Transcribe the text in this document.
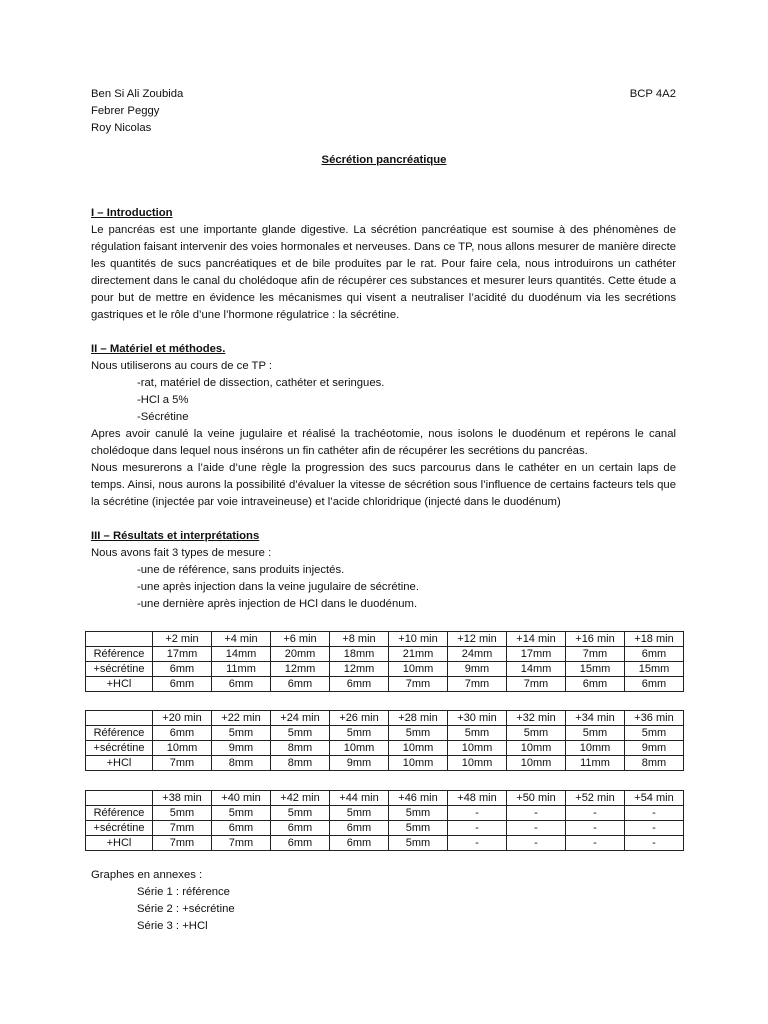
Ben Si Ali Zoubida
Febrer Peggy
Roy Nicolas
BCP 4A2
Sécrétion pancréatique
I – Introduction
Le pancréas est une importante glande digestive. La sécrétion pancréatique est soumise à des phénomènes de régulation faisant intervenir des voies hormonales et nerveuses. Dans ce TP, nous allons mesurer de manière directe les quantités de sucs pancréatiques et de bile produites par le rat. Pour faire cela, nous introduirons un cathéter directement dans le canal du cholédoque afin de récupérer ces substances et mesurer leurs quantités. Cette étude a pour but de mettre en évidence les mécanismes qui visent a neutraliser l’acidité du duodénum via les secrétions gastriques et le rôle d’une l’hormone régulatrice : la sécrétine.
II – Matériel et méthodes.
Nous utiliserons au cours de ce TP :
-rat, matériel de dissection, cathéter et seringues.
-HCl a 5%
-Sécrétine
Apres avoir canulé la veine jugulaire et réalisé la trachéotomie, nous isolons le duodénum et repérons le canal cholédoque dans lequel nous insérons un fin cathéter afin de récupérer les secrétions du pancréas.
Nous mesurerons a l’aide d’une règle la progression des sucs parcourus dans le cathéter en un certain laps de temps. Ainsi, nous aurons la possibilité d’évaluer la vitesse de sécrétion sous l’influence de certains facteurs tels que la sécrétine (injectée par voie intraveineuse) et l’acide chloridrique (injecté dans le duodénum)
III – Résultats et interprétations
Nous avons fait 3 types de mesure :
-une de référence, sans produits injectés.
-une après injection dans la veine jugulaire de sécrétine.
-une dernière après injection de HCl dans le duodénum.
	+2 min	+4 min	+6 min	+8 min	+10 min	+12 min	+14 min	+16 min	+18 min
Référence	17mm	14mm	20mm	18mm	21mm	24mm	17mm	7mm	6mm
+sécrétine	6mm	11mm	12mm	12mm	10mm	9mm	14mm	15mm	15mm
+HCl	6mm	6mm	6mm	6mm	7mm	7mm	7mm	6mm	6mm
	+20 min	+22 min	+24 min	+26 min	+28 min	+30 min	+32 min	+34 min	+36 min
Référence	6mm	5mm	5mm	5mm	5mm	5mm	5mm	5mm	5mm
+sécrétine	10mm	9mm	8mm	10mm	10mm	10mm	10mm	10mm	9mm
+HCl	7mm	8mm	8mm	9mm	10mm	10mm	10mm	11mm	8mm
	+38 min	+40 min	+42 min	+44 min	+46 min	+48 min	+50 min	+52 min	+54 min
Référence	5mm	5mm	5mm	5mm	5mm	-	-	-	-
+sécrétine	7mm	6mm	6mm	6mm	5mm	-	-	-	-
+HCl	7mm	7mm	6mm	6mm	5mm	-	-	-	-
Graphes en annexes :
Série 1 : référence
Série 2 : +sécrétine
Série 3 : +HCl
